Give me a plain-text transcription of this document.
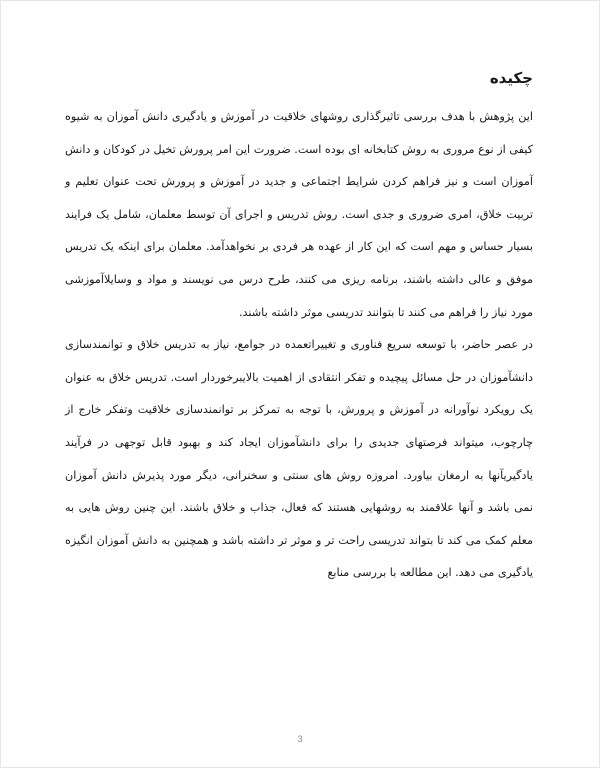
چکیده

این پژوهش با هدف بررسی تاثیرگذاری روشهای خلاقیت در آموزش و یادگیری دانش آموزان به شیوه کیفی از نوع مروری به روش کتابخانه ای بوده است. ضرورت این امر پرورش تخیل در کودکان و دانش آموزان است و نیز فراهم کردن شرایط اجتماعی و جدید در آموزش و پرورش تحت عنوان تعلیم و تربیت خلاق، امری ضروری و جدی است. روش تدریس و اجرای آن توسط معلمان، شامل یک فرایند بسیار حساس و مهم است که این کار از عهده هر فردی بر نخواهدآمد. معلمان برای اینکه یک تدریس موفق و عالی داشته باشند، برنامه ریزی می کنند، طرح درس می نویسند و مواد و وسایلاآموزشی مورد نیاز را فراهم می کنند تا بتوانند تدریسی موثر داشته باشند.

در عصر حاضر، با توسعه سریع فناوری و تغییراتعمده در جوامع، نیاز به تدریس خلاق و توانمندسازی دانشآموزان در حل مسائل پیچیده و تفکر انتقادی از اهمیت بالایبرخوردار است. تدریس خلاق به عنوان یک رویکرد نوآورانه در آموزش و پرورش، با توجه به تمرکز بر توانمندسازی خلاقیت وتفکر خارج از چارچوب، میتواند فرصتهای جدیدی را برای دانشآموزان ایجاد کند و بهبود قابل توجهی در فرآیند یادگیریآنها به ارمغان بیاورد. امروزه روش های سنتی و سخنرانی، دیگر مورد پذیرش دانش آموزان نمی باشد و آنها علاقمند به روشهایی هستند که فعال، جذاب و خلاق باشند. این چنین روش هایی به معلم کمک می کند تا بتواند تدریسی راحت تر و موثر تر داشته باشد و همچنین به دانش آموزان انگیزه یادگیری می دهد. این مطالعه با بررسی منابع

3
